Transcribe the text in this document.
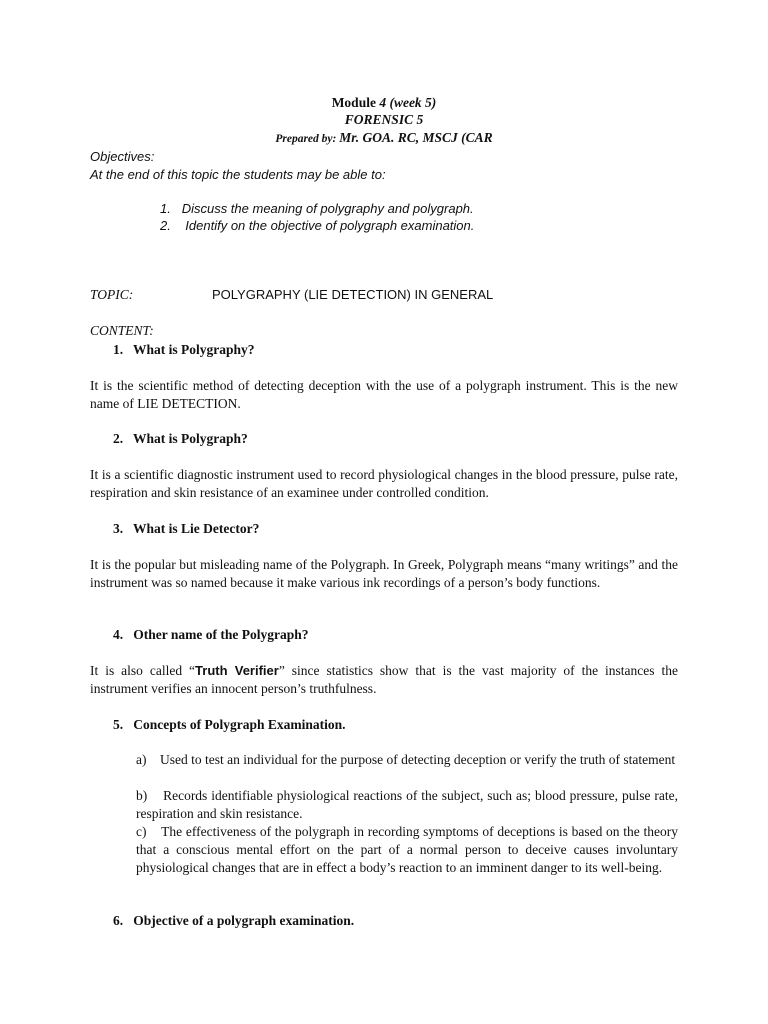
Module 4 (week 5)
FORENSIC 5
Prepared by: Mr. GOA. RC, MSCJ (CAR
Objectives:
At the end of this topic the students may be able to:
1. Discuss the meaning of polygraphy and polygraph.
2. Identify on the objective of polygraph examination.
TOPIC:	POLYGRAPHY (LIE DETECTION) IN GENERAL
CONTENT:
1. What is Polygraphy?
It is the scientific method of detecting deception with the use of a polygraph instrument. This is the new name of LIE DETECTION.
2. What is Polygraph?
It is a scientific diagnostic instrument used to record physiological changes in the blood pressure, pulse rate, respiration and skin resistance of an examinee under controlled condition.
3. What is Lie Detector?
It is the popular but misleading name of the Polygraph. In Greek, Polygraph means “many writings” and the instrument was so named because it make various ink recordings of a person’s body functions.
4. Other name of the Polygraph?
It is also called “Truth Verifier” since statistics show that is the vast majority of the instances the instrument verifies an innocent person’s truthfulness.
5. Concepts of Polygraph Examination.
a) Used to test an individual for the purpose of detecting deception or verify the truth of statement
b) Records identifiable physiological reactions of the subject, such as; blood pressure, pulse rate, respiration and skin resistance.
c) The effectiveness of the polygraph in recording symptoms of deceptions is based on the theory that a conscious mental effort on the part of a normal person to deceive causes involuntary physiological changes that are in effect a body’s reaction to an imminent danger to its well-being.
6. Objective of a polygraph examination.
